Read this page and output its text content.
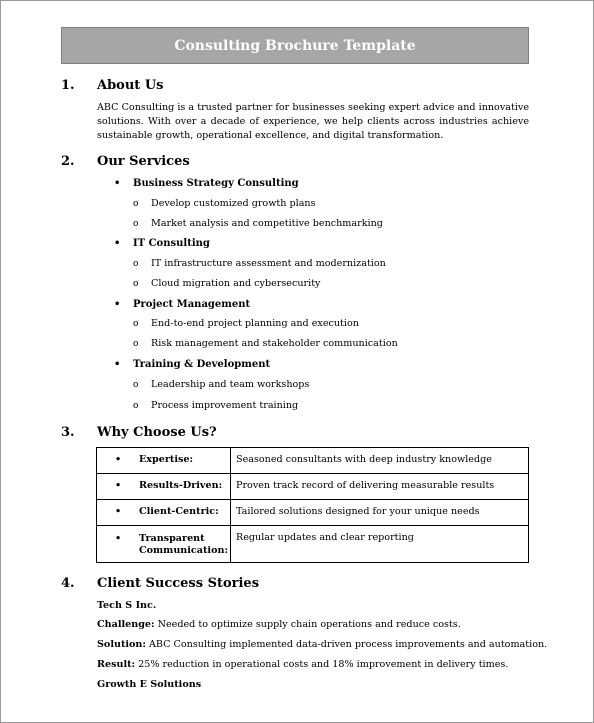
Consulting Brochure Template
1. About Us
ABC Consulting is a trusted partner for businesses seeking expert advice and innovative
solutions. With over a decade of experience, we help clients across industries achieve
sustainable growth, operational excellence, and digital transformation.
2. Our Services
• Business Strategy Consulting
o Develop customized growth plans
o Market analysis and competitive benchmarking
• IT Consulting
o IT infrastructure assessment and modernization
o Cloud migration and cybersecurity
• Project Management
o End-to-end project planning and execution
o Risk management and stakeholder communication
• Training & Development
o Leadership and team workshops
o Process improvement training
3. Why Choose Us?
• Expertise:	Seasoned consultants with deep industry knowledge

• Results-Driven:	Proven track record of delivering measurable results

• Client-Centric:	Tailored solutions designed for your unique needs

• Transparent
Communication:	Regular updates and clear reporting
4. Client Success Stories
Tech S Inc.
Challenge: Needed to optimize supply chain operations and reduce costs.
Solution: ABC Consulting implemented data-driven process improvements and automation.
Result: 25% reduction in operational costs and 18% improvement in delivery times.
Growth E Solutions
